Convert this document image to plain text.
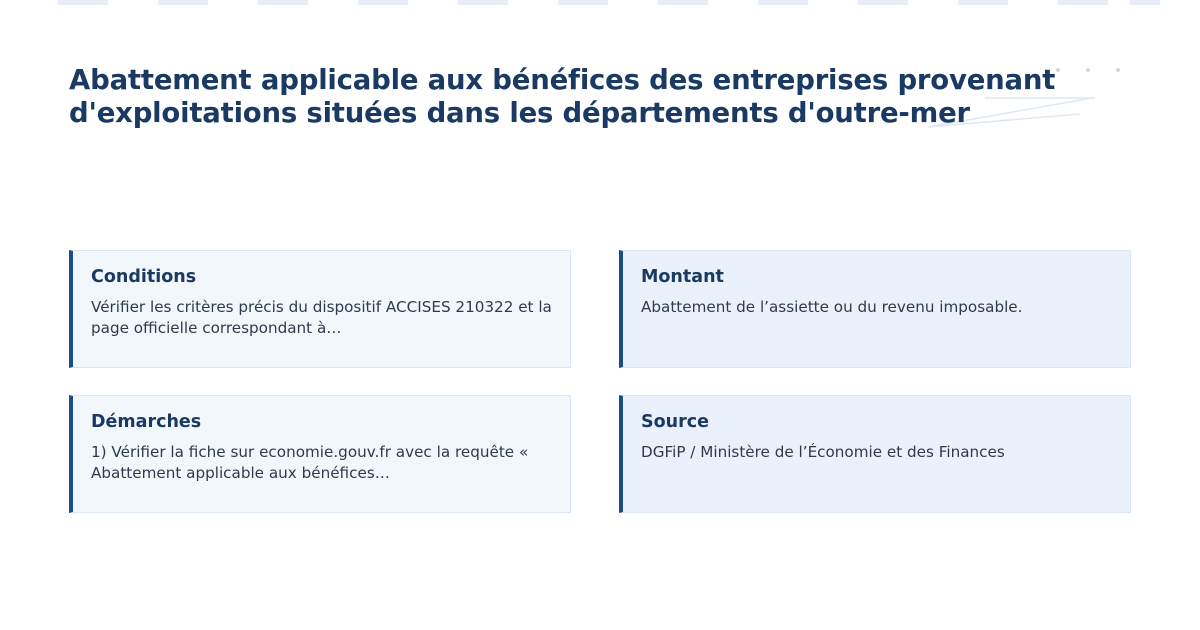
Abattement applicable aux bénéfices des entreprises provenant d'exploitations situées dans les départements d'outre-mer
Conditions

Vérifier les critères précis du dispositif ACCISES 210322 et la page officielle correspondant à…

Montant

Abattement de l’assiette ou du revenu imposable.

Démarches

1) Vérifier la fiche sur economie.gouv.fr avec la requête « Abattement applicable aux bénéfices…

Source

DGFiP / Ministère de l’Économie et des Finances
